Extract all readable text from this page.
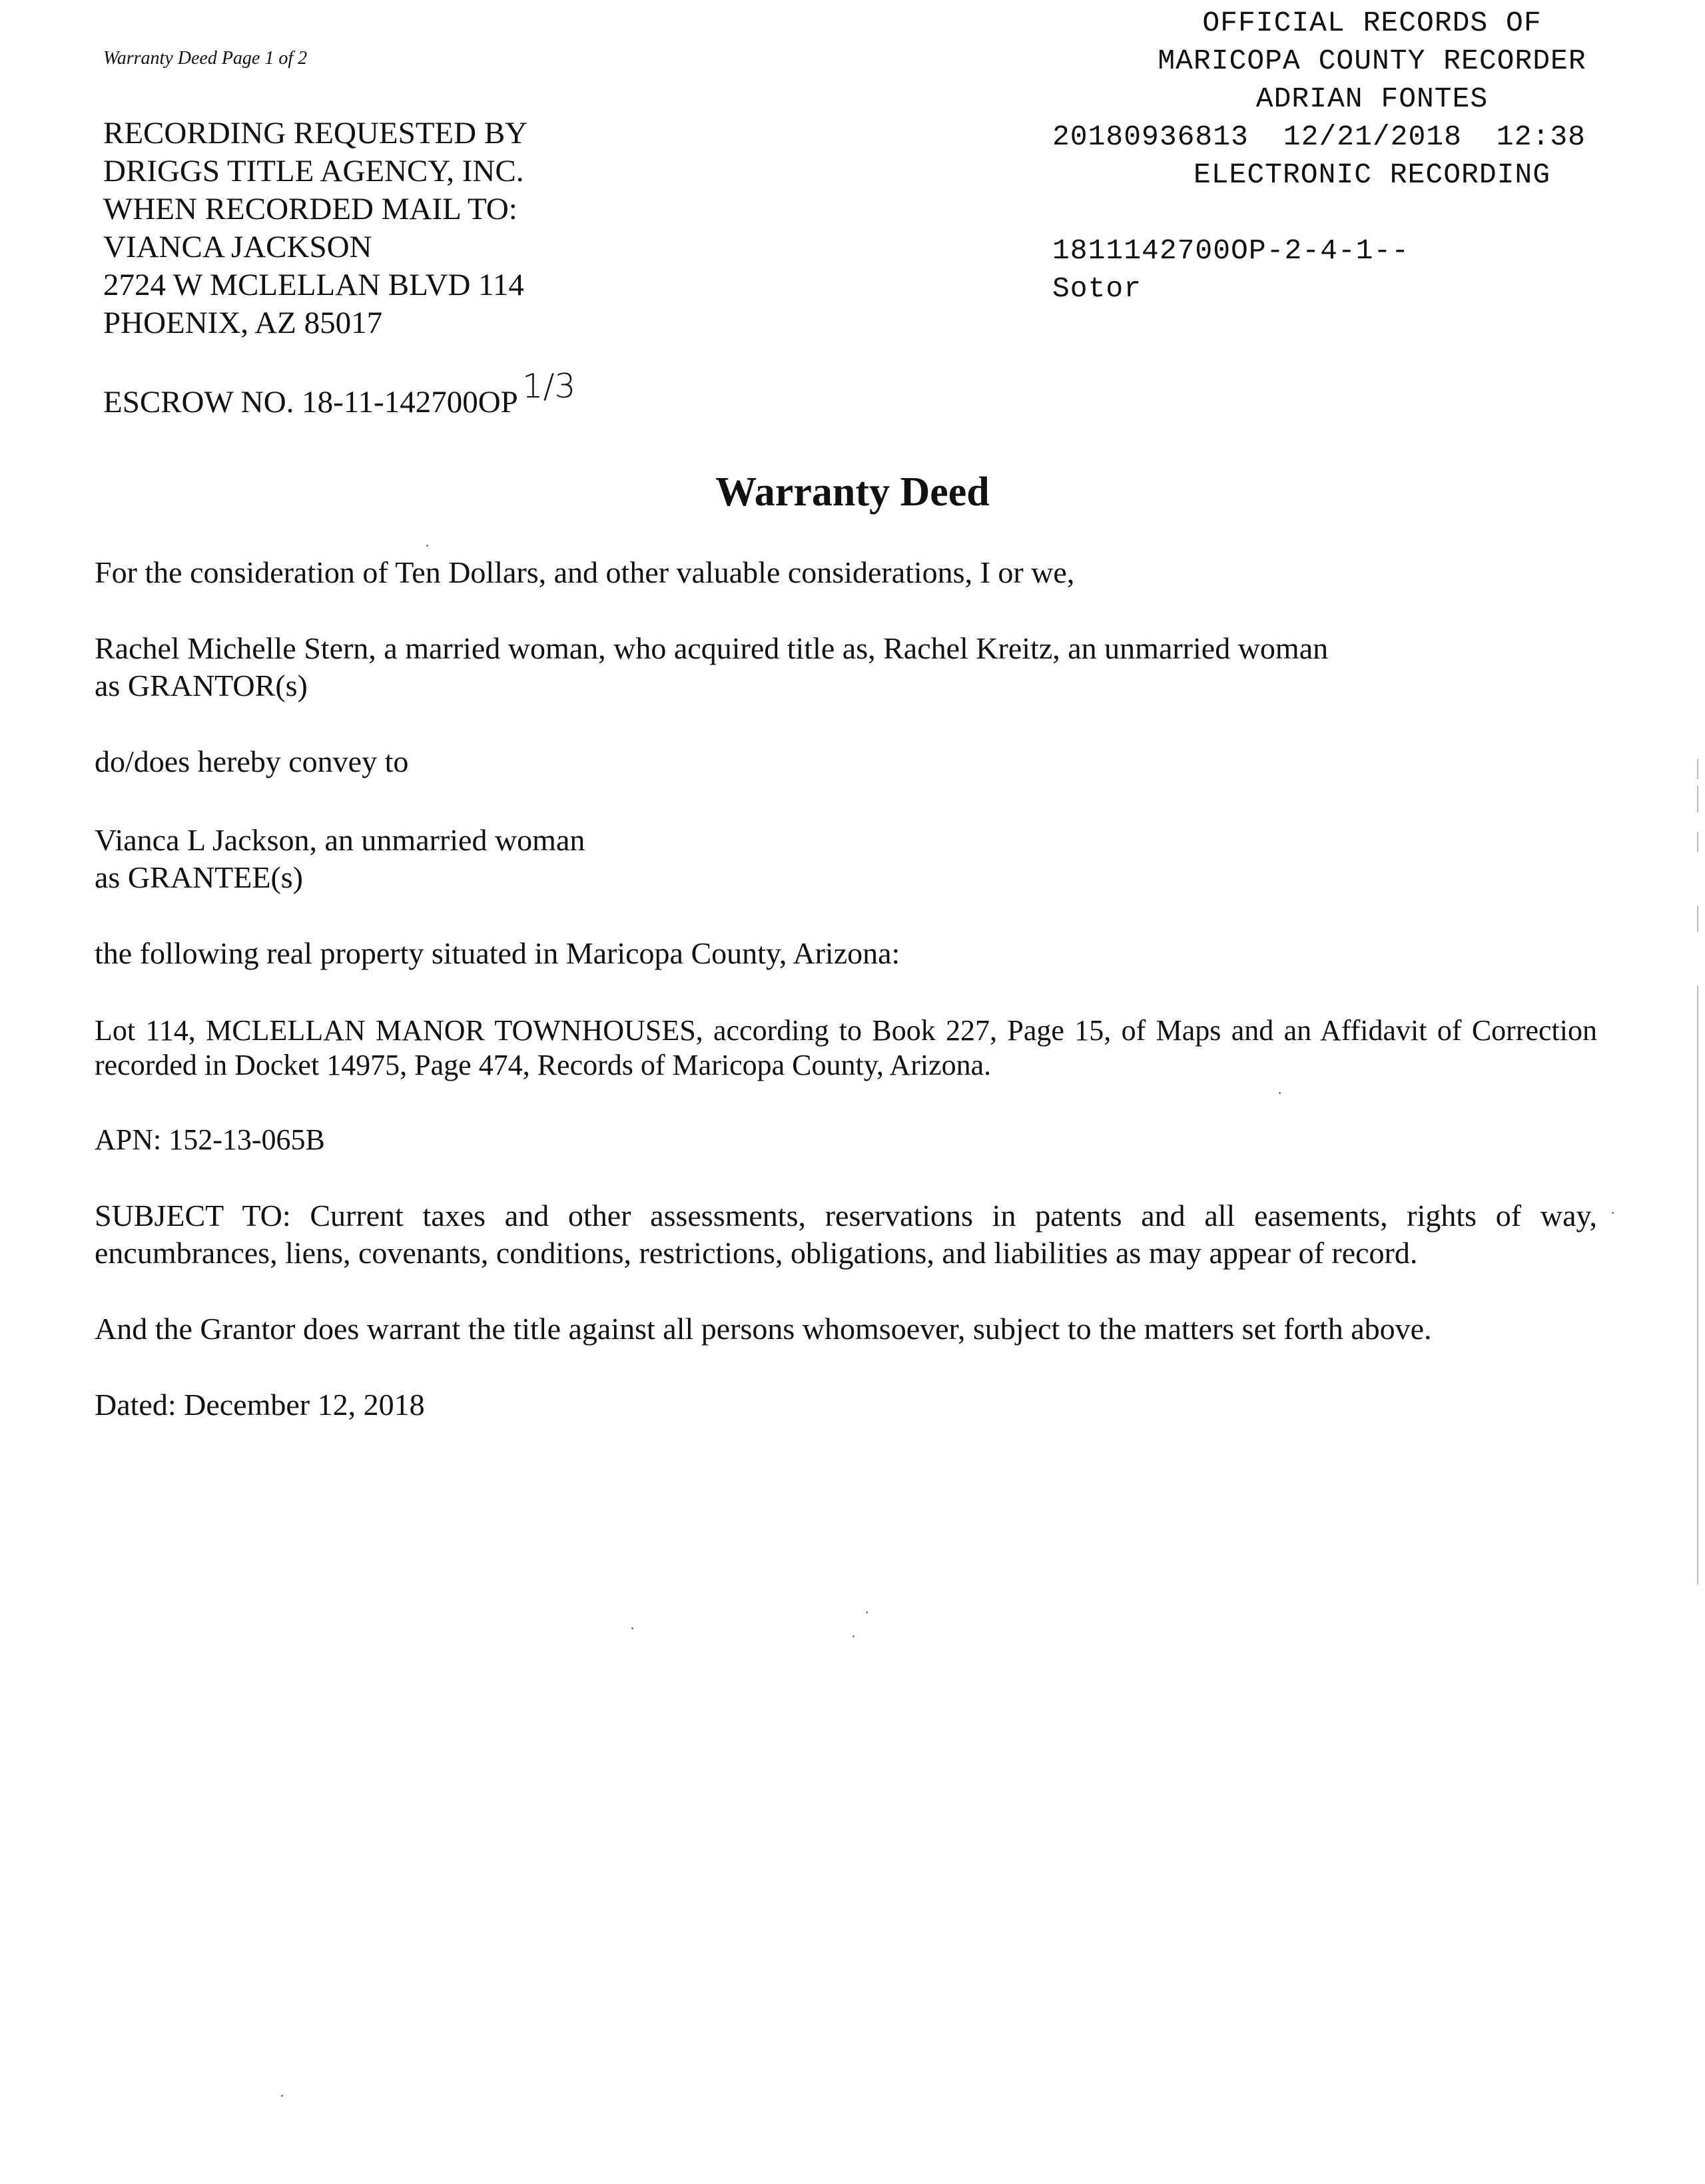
Warranty Deed Page 1 of 2
RECORDING REQUESTED BY
DRIGGS TITLE AGENCY, INC.
WHEN RECORDED MAIL TO:
VIANCA JACKSON
2724 W MCLELLAN BLVD 114
PHOENIX, AZ 85017
ESCROW NO. 18-11-142700OP 1/3
OFFICIAL RECORDS OF
MARICOPA COUNTY RECORDER
ADRIAN FONTES
20180936813 12/21/2018 12:38
ELECTRONIC RECORDING
1811142700OP-2-4-1--
Sotor
Warranty Deed
For the consideration of Ten Dollars, and other valuable considerations, I or we,
Rachel Michelle Stern, a married woman, who acquired title as, Rachel Kreitz, an unmarried woman
as GRANTOR(s)
do/does hereby convey to
Vianca L Jackson, an unmarried woman
as GRANTEE(s)
the following real property situated in Maricopa County, Arizona:
Lot 114, MCLELLAN MANOR TOWNHOUSES, according to Book 227, Page 15, of Maps and an Affidavit of Correction recorded in Docket 14975, Page 474, Records of Maricopa County, Arizona.
APN: 152-13-065B
SUBJECT TO: Current taxes and other assessments, reservations in patents and all easements, rights of way, encumbrances, liens, covenants, conditions, restrictions, obligations, and liabilities as may appear of record.
And the Grantor does warrant the title against all persons whomsoever, subject to the matters set forth above.
Dated: December 12, 2018
